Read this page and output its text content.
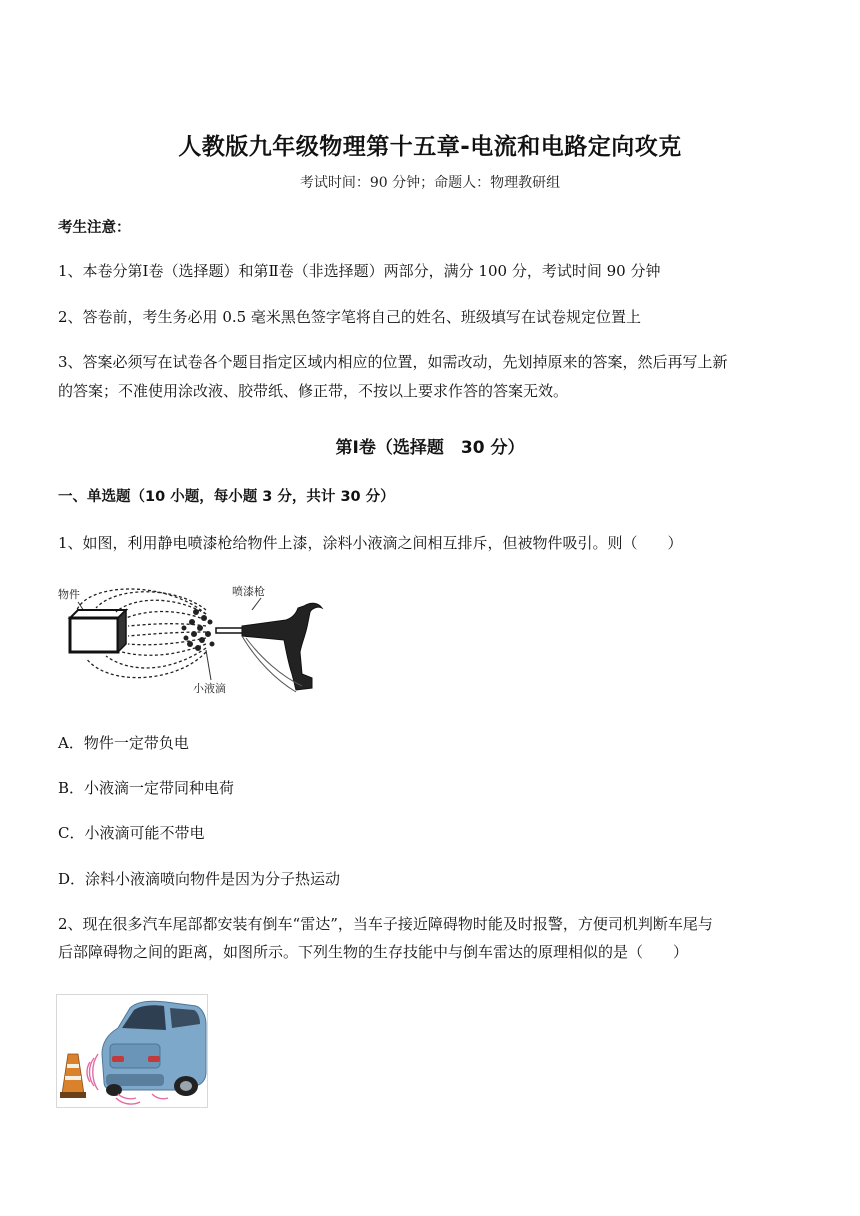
人教版九年级物理第十五章-电流和电路定向攻克
考试时间：90 分钟；命题人：物理教研组
考生注意：
1、本卷分第Ⅰ卷（选择题）和第Ⅱ卷（非选择题）两部分，满分 100 分，考试时间 90 分钟
2、答卷前，考生务必用 0.5 毫米黑色签字笔将自己的姓名、班级填写在试卷规定位置上
3、答案必须写在试卷各个题目指定区域内相应的位置，如需改动，先划掉原来的答案，然后再写上新
的答案；不准使用涂改液、胶带纸、修正带，不按以上要求作答的答案无效。
第Ⅰ卷（选择题　30 分）
一、单选题（10 小题，每小题 3 分，共计 30 分）
1、如图，利用静电喷漆枪给物件上漆，涂料小液滴之间相互排斥，但被物件吸引。则（　　）
物件	喷漆枪
小液滴
A．物件一定带负电
B．小液滴一定带同种电荷
C．小液滴可能不带电
D．涂料小液滴喷向物件是因为分子热运动
2、现在很多汽车尾部都安装有倒车“雷达”，当车子接近障碍物时能及时报警，方便司机判断车尾与
后部障碍物之间的距离，如图所示。下列生物的生存技能中与倒车雷达的原理相似的是（　　）
